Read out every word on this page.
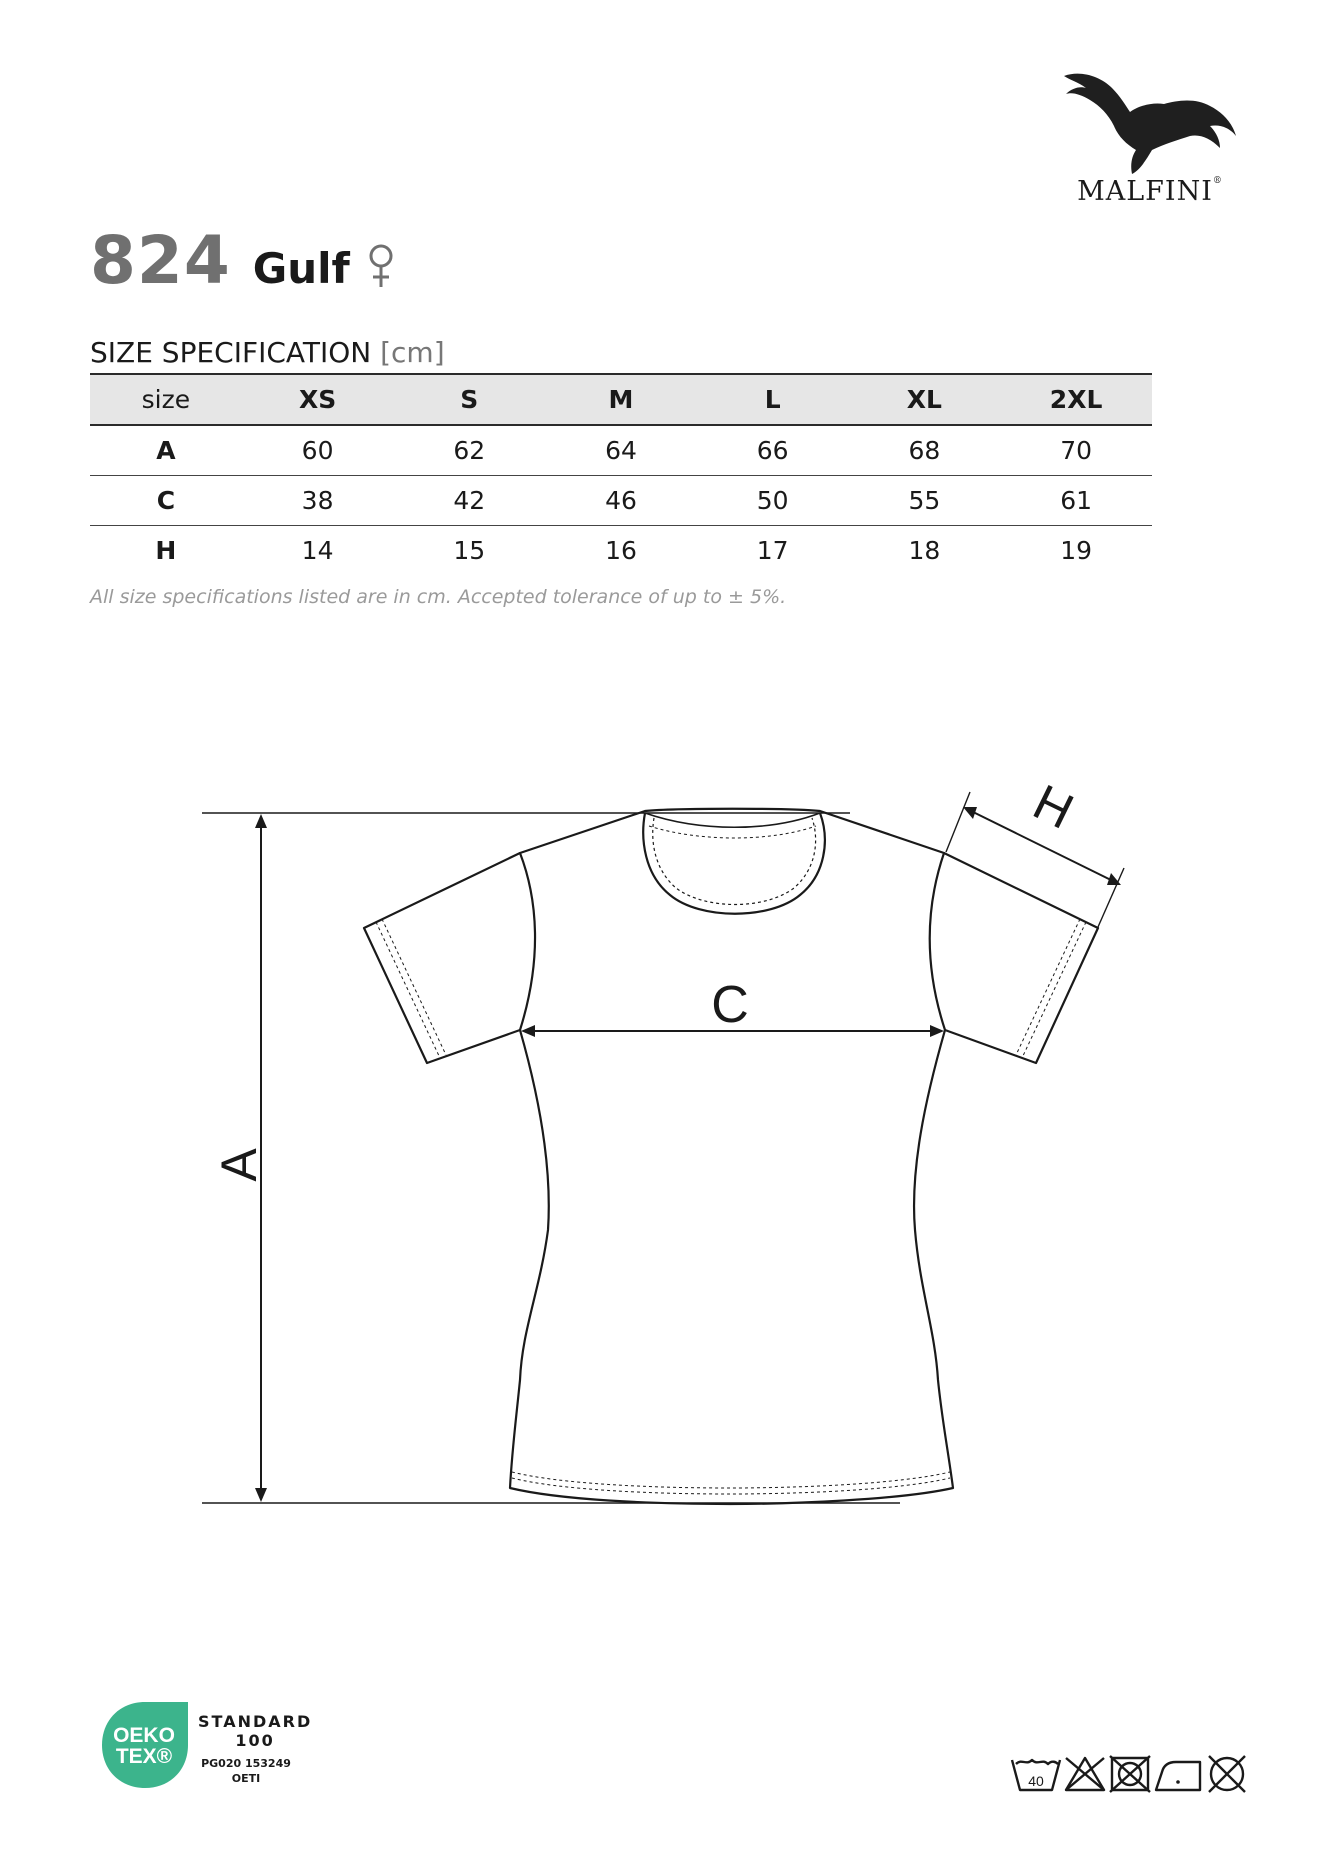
MALFINI®
824 Gulf
SIZE SPECIFICATION [cm]
size	XS	S	M	L	XL	2XL
A	60	62	64	66	68	70
C	38	42	46	50	55	61
H	14	15	16	17	18	19
All size specifications listed are in cm. Accepted tolerance of up to ± 5%.
A
C
H
OEKO
TEX®
STANDARD
100
PG020 153249
OETI	40
